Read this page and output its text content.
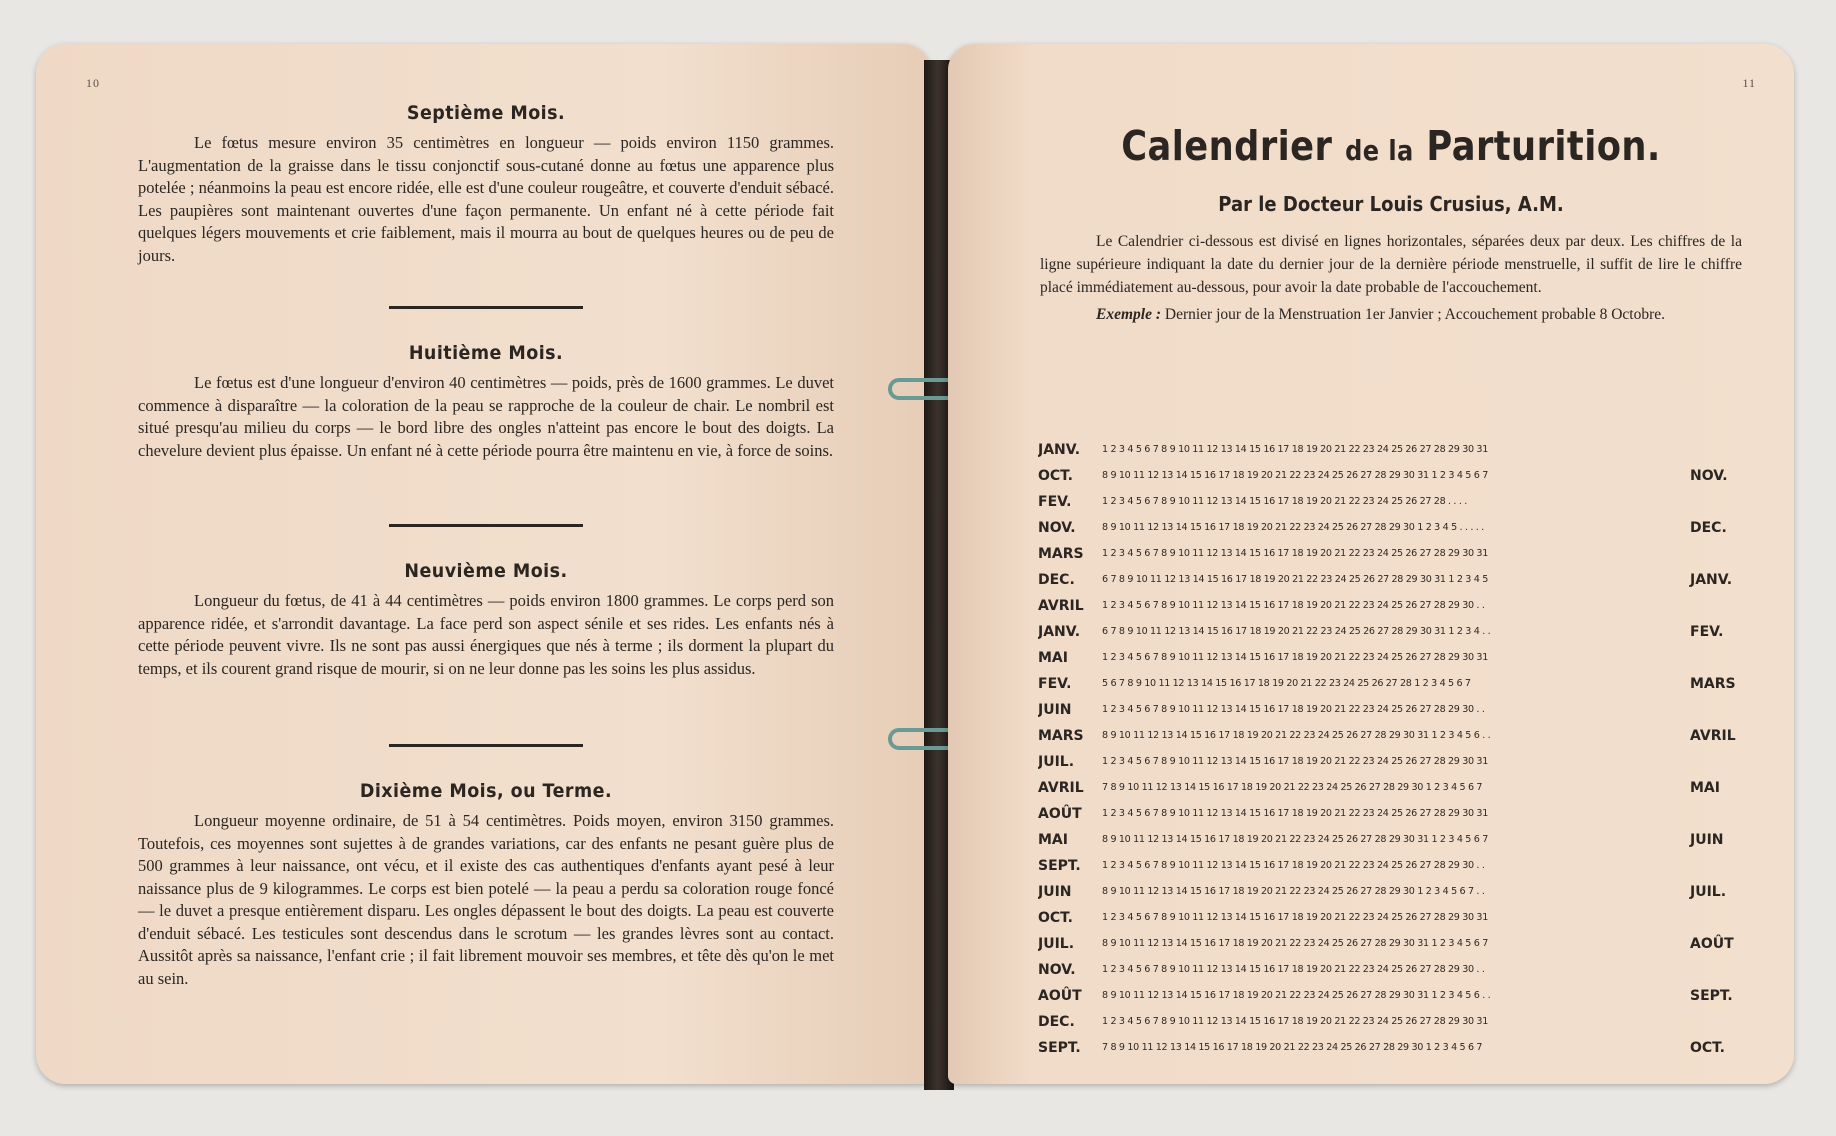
10
Septième Mois.

Le fœtus mesure environ 35 centimètres en longueur — poids environ 1150 grammes. L'augmentation de la graisse dans le tissu conjonctif sous-cutané donne au fœtus une apparence plus potelée ; néanmoins la peau est encore ridée, elle est d'une couleur rougeâtre, et couverte d'enduit sébacé. Les paupières sont maintenant ouvertes d'une façon permanente. Un enfant né à cette période fait quelques légers mouvements et crie faiblement, mais il mourra au bout de quelques heures ou de peu de jours.

Huitième Mois.

Le fœtus est d'une longueur d'environ 40 centimètres — poids, près de 1600 grammes. Le duvet commence à disparaître — la coloration de la peau se rapproche de la couleur de chair. Le nombril est situé presqu'au milieu du corps — le bord libre des ongles n'atteint pas encore le bout des doigts. La chevelure devient plus épaisse. Un enfant né à cette période pourra être maintenu en vie, à force de soins.

Neuvième Mois.

Longueur du fœtus, de 41 à 44 centimètres — poids environ 1800 grammes. Le corps perd son apparence ridée, et s'arrondit davantage. La face perd son aspect sénile et ses rides. Les enfants nés à cette période peuvent vivre. Ils ne sont pas aussi énergiques que nés à terme ; ils dorment la plupart du temps, et ils courent grand risque de mourir, si on ne leur donne pas les soins les plus assidus.

Dixième Mois, ou Terme.

Longueur moyenne ordinaire, de 51 à 54 centimètres. Poids moyen, environ 3150 grammes. Toutefois, ces moyennes sont sujettes à de grandes variations, car des enfants ne pesant guère plus de 500 grammes à leur naissance, ont vécu, et il existe des cas authentiques d'enfants ayant pesé à leur naissance plus de 9 kilogrammes. Le corps est bien potelé — la peau a perdu sa coloration rouge foncé — le duvet a presque entièrement disparu. Les ongles dépassent le bout des doigts. La peau est couverte d'enduit sébacé. Les testicules sont descendus dans le scrotum — les grandes lèvres sont au contact. Aussitôt après sa naissance, l'enfant crie ; il fait librement mouvoir ses membres, et tête dès qu'on le met au sein.

11
Calendrier de la Parturition.
Par le Docteur Louis Crusius, A.M.

Le Calendrier ci-dessous est divisé en lignes horizontales, séparées deux par deux. Les chiffres de la ligne supérieure indiquant la date du dernier jour de la dernière période menstruelle, il suffit de lire le chiffre placé immédiatement au-dessous, pour avoir la date probable de l'accouchement.

Exemple : Dernier jour de la Menstruation 1er Janvier ; Accouchement probable 8 Octobre.

JANV.	1 2 3 4 5 6 7 8 9 10 11 12 13 14 15 16 17 18 19 20 21 22 23 24 25 26 27 28 29 30 31	
OCT.	8 9 10 11 12 13 14 15 16 17 18 19 20 21 22 23 24 25 26 27 28 29 30 31 1 2 3 4 5 6 7	NOV.
FEV.	1 2 3 4 5 6 7 8 9 10 11 12 13 14 15 16 17 18 19 20 21 22 23 24 25 26 27 28 . . . .	
NOV.	8 9 10 11 12 13 14 15 16 17 18 19 20 21 22 23 24 25 26 27 28 29 30 1 2 3 4 5 . . . . .	DEC.
MARS	1 2 3 4 5 6 7 8 9 10 11 12 13 14 15 16 17 18 19 20 21 22 23 24 25 26 27 28 29 30 31	
DEC.	6 7 8 9 10 11 12 13 14 15 16 17 18 19 20 21 22 23 24 25 26 27 28 29 30 31 1 2 3 4 5	JANV.
AVRIL	1 2 3 4 5 6 7 8 9 10 11 12 13 14 15 16 17 18 19 20 21 22 23 24 25 26 27 28 29 30 . .	
JANV.	6 7 8 9 10 11 12 13 14 15 16 17 18 19 20 21 22 23 24 25 26 27 28 29 30 31 1 2 3 4 . .	FEV.
MAI	1 2 3 4 5 6 7 8 9 10 11 12 13 14 15 16 17 18 19 20 21 22 23 24 25 26 27 28 29 30 31	
FEV.	5 6 7 8 9 10 11 12 13 14 15 16 17 18 19 20 21 22 23 24 25 26 27 28 1 2 3 4 5 6 7	MARS
JUIN	1 2 3 4 5 6 7 8 9 10 11 12 13 14 15 16 17 18 19 20 21 22 23 24 25 26 27 28 29 30 . .	
MARS	8 9 10 11 12 13 14 15 16 17 18 19 20 21 22 23 24 25 26 27 28 29 30 31 1 2 3 4 5 6 . .	AVRIL
JUIL.	1 2 3 4 5 6 7 8 9 10 11 12 13 14 15 16 17 18 19 20 21 22 23 24 25 26 27 28 29 30 31	
AVRIL	7 8 9 10 11 12 13 14 15 16 17 18 19 20 21 22 23 24 25 26 27 28 29 30 1 2 3 4 5 6 7	MAI
AOÛT	1 2 3 4 5 6 7 8 9 10 11 12 13 14 15 16 17 18 19 20 21 22 23 24 25 26 27 28 29 30 31	
MAI	8 9 10 11 12 13 14 15 16 17 18 19 20 21 22 23 24 25 26 27 28 29 30 31 1 2 3 4 5 6 7	JUIN
SEPT.	1 2 3 4 5 6 7 8 9 10 11 12 13 14 15 16 17 18 19 20 21 22 23 24 25 26 27 28 29 30 . .	
JUIN	8 9 10 11 12 13 14 15 16 17 18 19 20 21 22 23 24 25 26 27 28 29 30 1 2 3 4 5 6 7 . .	JUIL.
OCT.	1 2 3 4 5 6 7 8 9 10 11 12 13 14 15 16 17 18 19 20 21 22 23 24 25 26 27 28 29 30 31	
JUIL.	8 9 10 11 12 13 14 15 16 17 18 19 20 21 22 23 24 25 26 27 28 29 30 31 1 2 3 4 5 6 7	AOÛT
NOV.	1 2 3 4 5 6 7 8 9 10 11 12 13 14 15 16 17 18 19 20 21 22 23 24 25 26 27 28 29 30 . .	
AOÛT	8 9 10 11 12 13 14 15 16 17 18 19 20 21 22 23 24 25 26 27 28 29 30 31 1 2 3 4 5 6 . .	SEPT.
DEC.	1 2 3 4 5 6 7 8 9 10 11 12 13 14 15 16 17 18 19 20 21 22 23 24 25 26 27 28 29 30 31	
SEPT.	7 8 9 10 11 12 13 14 15 16 17 18 19 20 21 22 23 24 25 26 27 28 29 30 1 2 3 4 5 6 7	OCT.
